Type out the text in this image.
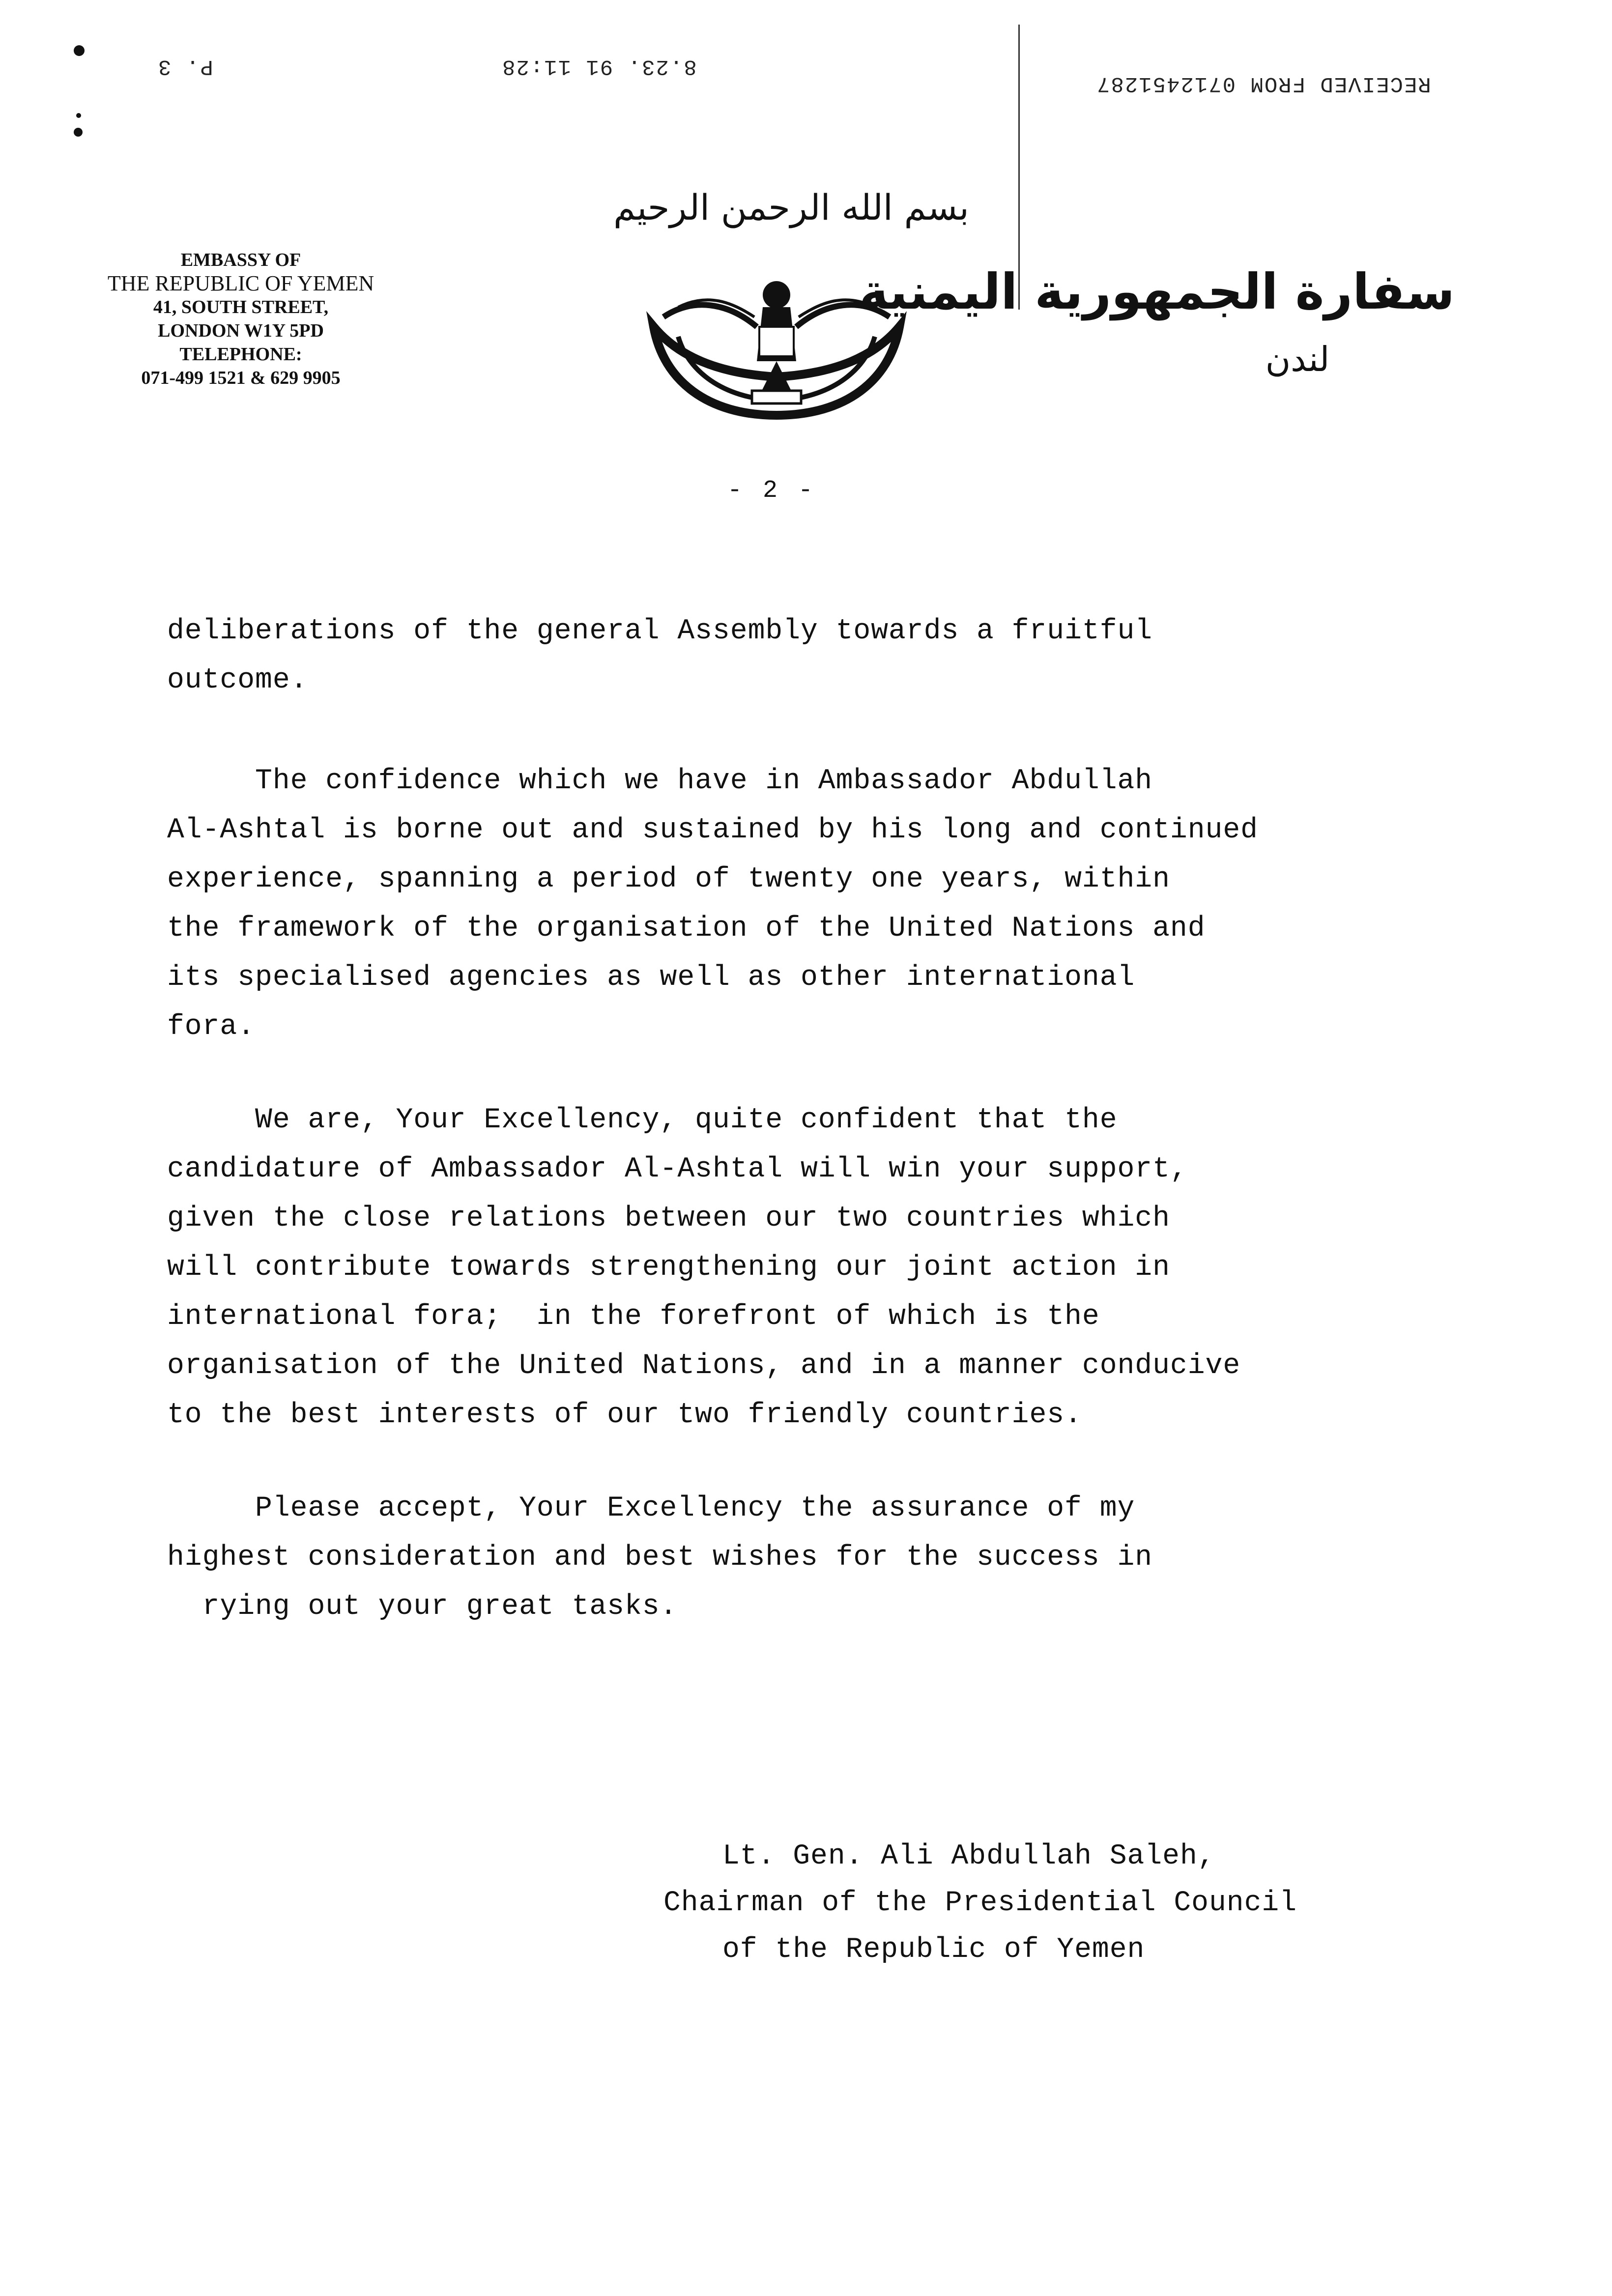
P. 3	8.23. 91 11:28
RECEIVED FROM 0712451287
EMBASSY OF
THE REPUBLIC OF YEMEN
41, SOUTH STREET,
LONDON W1Y 5PD
TELEPHONE:
071-499 1521 & 629 9905
بسم الله الرحمن الرحيم
سفارة الجمهورية اليمنية
لندن
- 2 -
deliberations of the general Assembly towards a fruitful
outcome.
The confidence which we have in Ambassador Abdullah
Al-Ashtal is borne out and sustained by his long and continued
experience, spanning a period of twenty one years, within
the framework of the organisation of the United Nations and
its specialised agencies as well as other international
fora.
We are, Your Excellency, quite confident that the
candidature of Ambassador Al-Ashtal will win your support,
given the close relations between our two countries which
will contribute towards strengthening our joint action in
international fora;  in the forefront of which is the
organisation of the United Nations, and in a manner conducive
to the best interests of our two friendly countries.
Please accept, Your Excellency the assurance of my
highest consideration and best wishes for the success in
rying out your great tasks.
Lt. Gen. Ali Abdullah Saleh,
Chairman of the Presidential Council
of the Republic of Yemen
